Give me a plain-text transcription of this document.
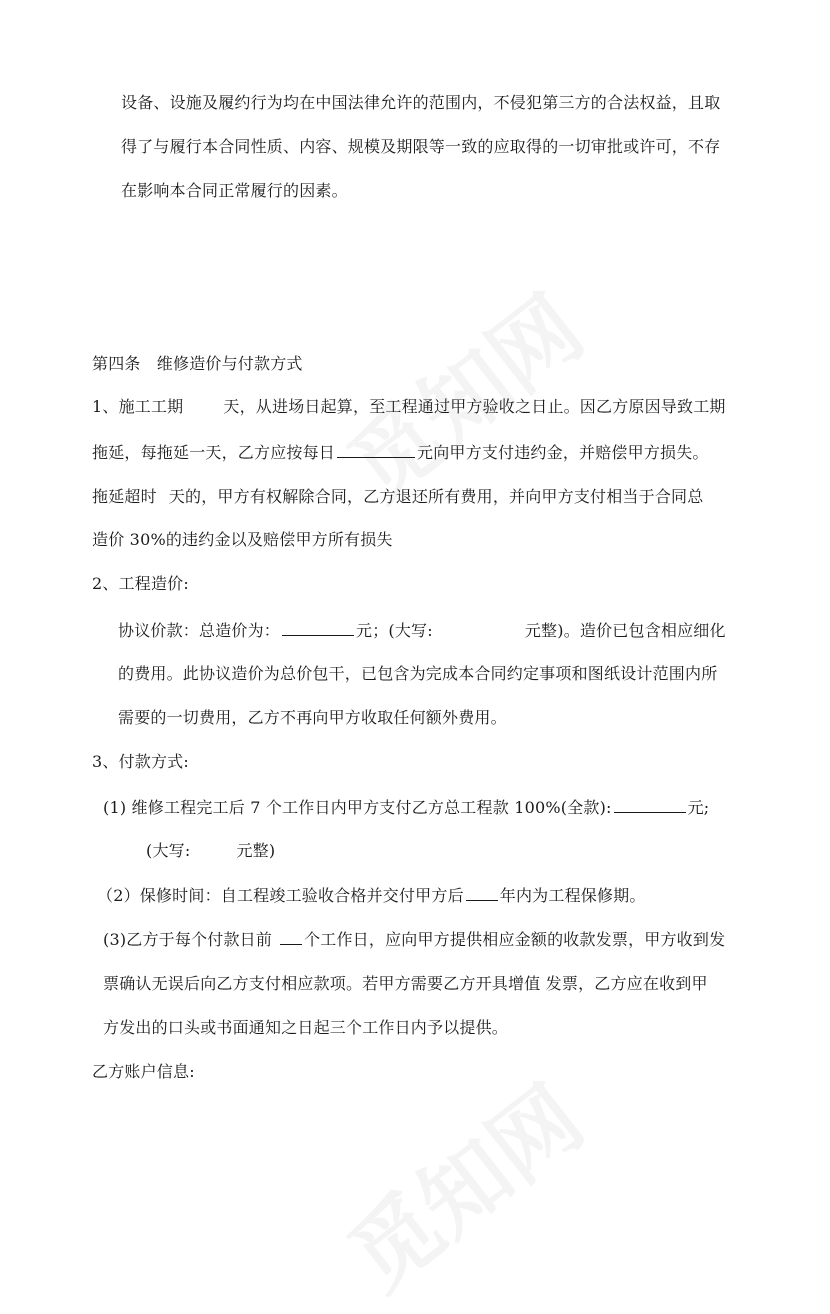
设备、设施及履约行为均在中国法律允许的范围内，不侵犯第三方的合法权益，且取
得了与履行本合同性质、内容、规模及期限等一致的应取得的一切审批或许可，不存
在影响本合同正常履行的因素。
第四条　维修造价与付款方式
1、施工工期	天，从进场日起算，至工程通过甲方验收之日止。因乙方原因导致工期
拖延，每拖延一天，乙方应按每日	元向甲方支付违约金，并赔偿甲方损失。
拖延超时 天的，甲方有权解除合同，乙方退还所有费用，并向甲方支付相当于合同总
造价 30%的违约金以及赔偿甲方所有损失
2、工程造价:
协议价款：总造价为：	元；(大写:	元整)。造价已包含相应细化
的费用。此协议造价为总价包干，已包含为完成本合同约定事项和图纸设计范围内所
需要的一切费用，乙方不再向甲方收取任何额外费用。
3、付款方式:
(1) 维修工程完工后 7 个工作日内甲方支付乙方总工程款 100%(全款):	元;
(大写:	元整)
（2）保修时间：自工程竣工验收合格并交付甲方后 年内为工程保修期。
(3)乙方于每个付款日前 个工作日，应向甲方提供相应金额的收款发票，甲方收到发
票确认无误后向乙方支付相应款项。若甲方需要乙方开具增值 发票，乙方应在收到甲
方发出的口头或书面通知之日起三个工作日内予以提供。
乙方账户信息:
